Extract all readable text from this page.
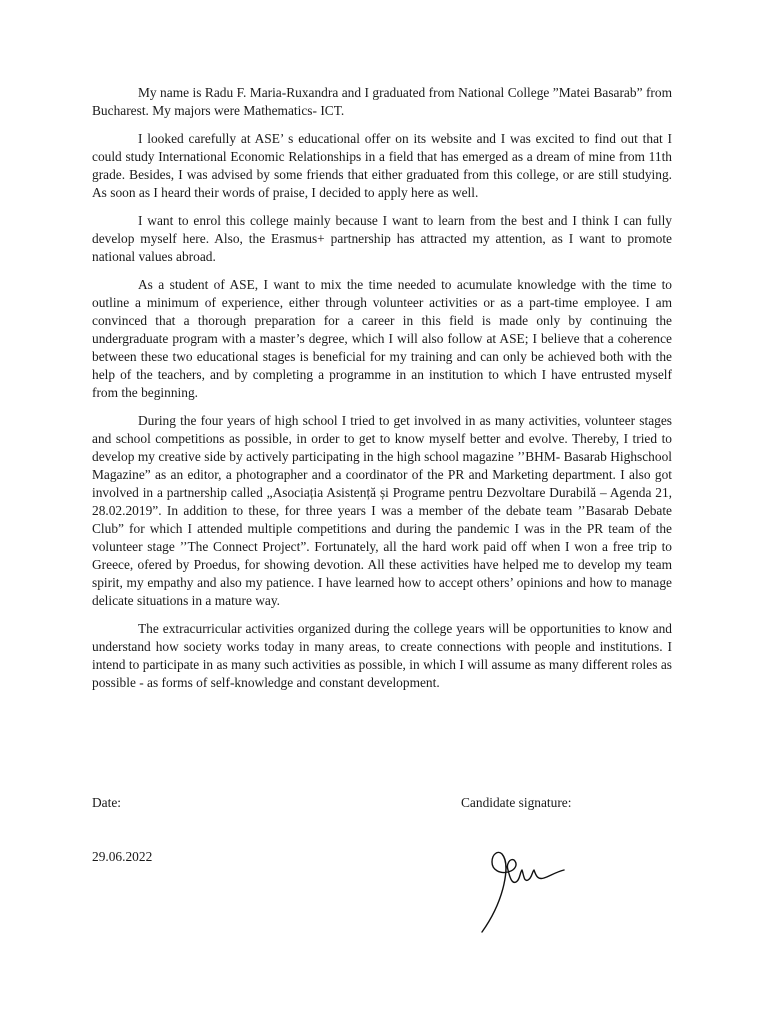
My name is Radu F. Maria-Ruxandra and I graduated from National College ”Matei Basarab” from Bucharest. My majors were Mathematics- ICT.

I looked carefully at ASE’ s educational offer on its website and I was excited to find out that I could study International Economic Relationships in a field that has emerged as a dream of mine from 11th grade. Besides, I was advised by some friends that either graduated from this college, or are still studying. As soon as I heard their words of praise, I decided to apply here as well.

I want to enrol this college mainly because I want to learn from the best and I think I can fully develop myself here. Also, the Erasmus+ partnership has attracted my attention, as I want to promote national values abroad.

As a student of ASE, I want to mix the time needed to acumulate knowledge with the time to outline a minimum of experience, either through volunteer activities or as a part-time employee. I am convinced that a thorough preparation for a career in this field is made only by continuing the undergraduate program with a master’s degree, which I will also follow at ASE; I believe that a coherence between these two educational stages is beneficial for my training and can only be achieved both with the help of the teachers, and by completing a programme in an institution to which I have entrusted myself from the beginning.

During the four years of high school I tried to get involved in as many activities, volunteer stages and school competitions as possible, in order to get to know myself better and evolve. Thereby, I tried to develop my creative side by actively participating in the high school magazine ’’BHM- Basarab Highschool Magazine” as an editor, a photographer and a coordinator of the PR and Marketing department. I also got involved in a partnership called „Asociația Asistență și Programe pentru Dezvoltare Durabilă – Agenda 21, 28.02.2019”. In addition to these, for three years I was a member of the debate team ’’Basarab Debate Club” for which I attended multiple competitions and during the pandemic I was in the PR team of the volunteer stage ’’The Connect Project”. Fortunately, all the hard work paid off when I won a free trip to Greece, ofered by Proedus, for showing devotion. All these activities have helped me to develop my team spirit, my empathy and also my patience. I have learned how to accept others’ opinions and how to manage delicate situations in a mature way.

The extracurricular activities organized during the college years will be opportunities to know and understand how society works today in many areas, to create connections with people and institutions. I intend to participate in as many such activities as possible, in which I will assume as many different roles as possible - as forms of self-knowledge and constant development.

Date:	Candidate signature:
29.06.2022
